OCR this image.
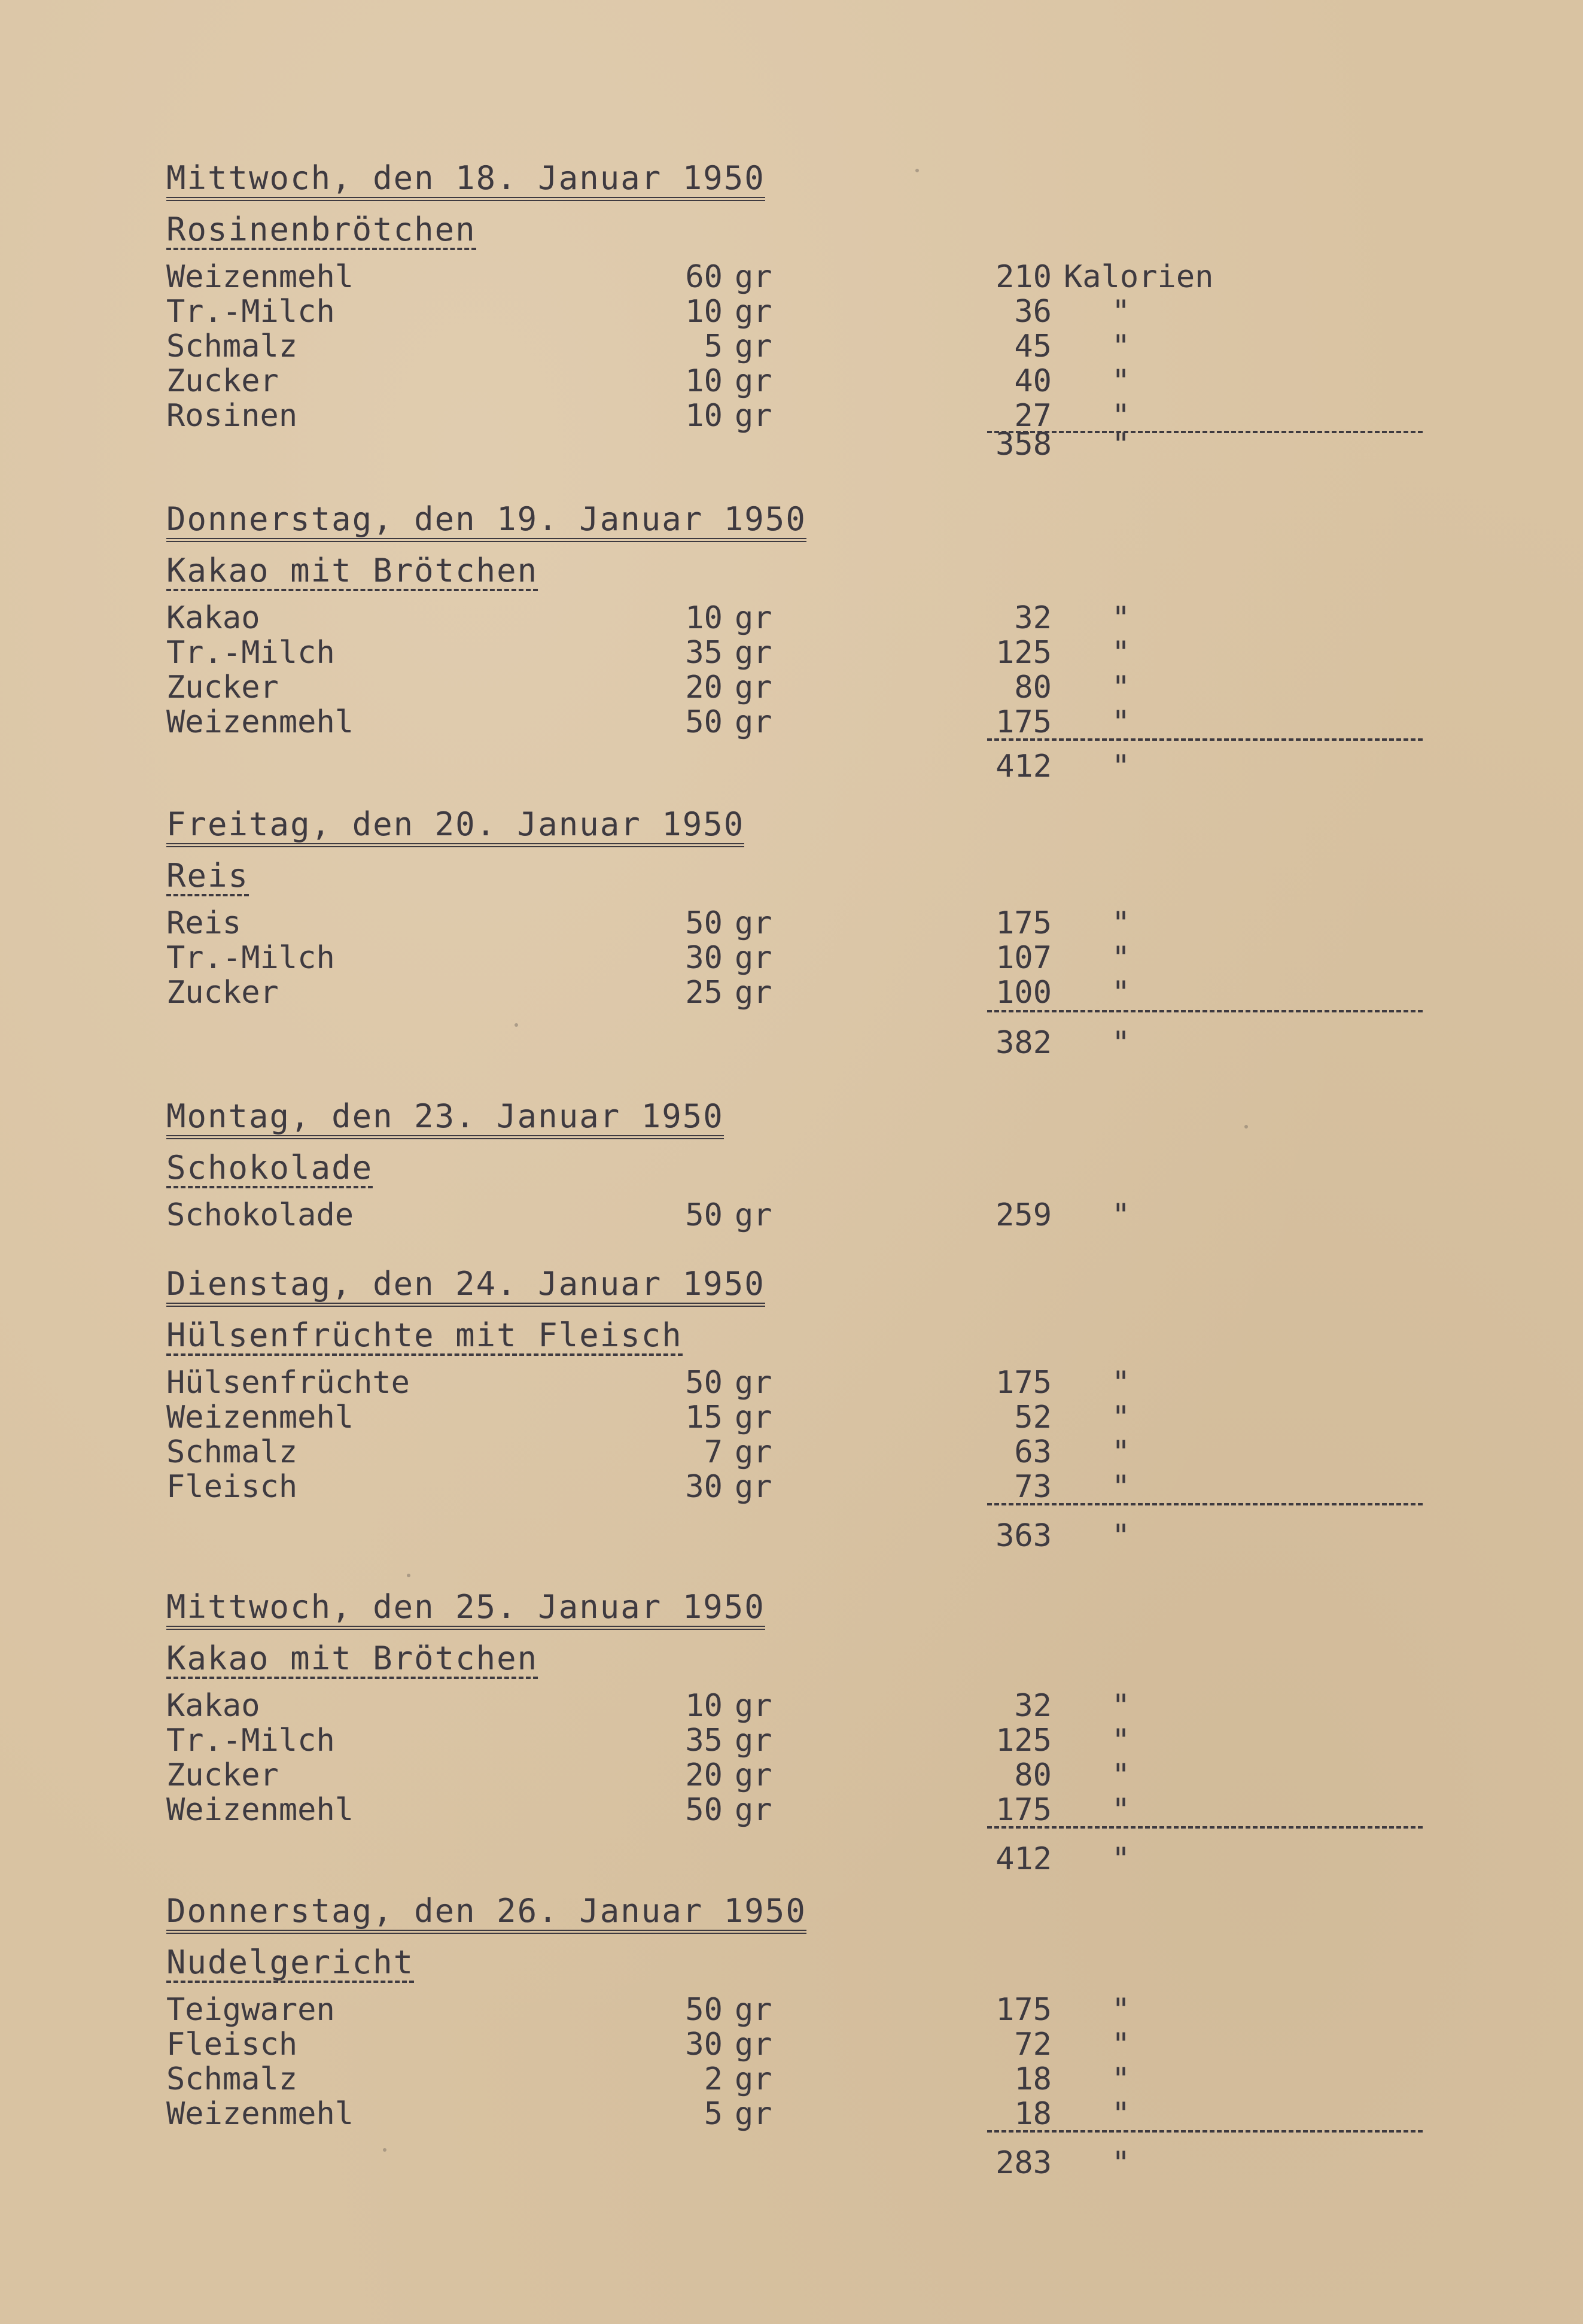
Mittwoch, den 18. Januar 1950
Rosinenbrötchen
Weizenmehl	60 gr	210 Kalorien
Tr.-Milch	10 gr	36 "
Schmalz	5 gr	45 "
Zucker	10 gr	40 "
Rosinen	10 gr	27 "
358 "
Donnerstag, den 19. Januar 1950
Kakao mit Brötchen
Kakao	10 gr	32 "
Tr.-Milch	35 gr	125 "
Zucker	20 gr	80 "
Weizenmehl	50 gr	175 "
412 "
Freitag, den 20. Januar 1950
Reis
Reis	50 gr	175 "
Tr.-Milch	30 gr	107 "
Zucker	25 gr	100 "
382 "
Montag, den 23. Januar 1950
Schokolade
Schokolade	50 gr	259 "
Dienstag, den 24. Januar 1950
Hülsenfrüchte mit Fleisch
Hülsenfrüchte	50 gr	175 "
Weizenmehl	15 gr	52 "
Schmalz	7 gr	63 "
Fleisch	30 gr	73 "
363 "
Mittwoch, den 25. Januar 1950
Kakao mit Brötchen
Kakao	10 gr	32 "
Tr.-Milch	35 gr	125 "
Zucker	20 gr	80 "
Weizenmehl	50 gr	175 "
412 "
Donnerstag, den 26. Januar 1950
Nudelgericht
Teigwaren	50 gr	175 "
Fleisch	30 gr	72 "
Schmalz	2 gr	18 "
Weizenmehl	5 gr	18 "
283 "
